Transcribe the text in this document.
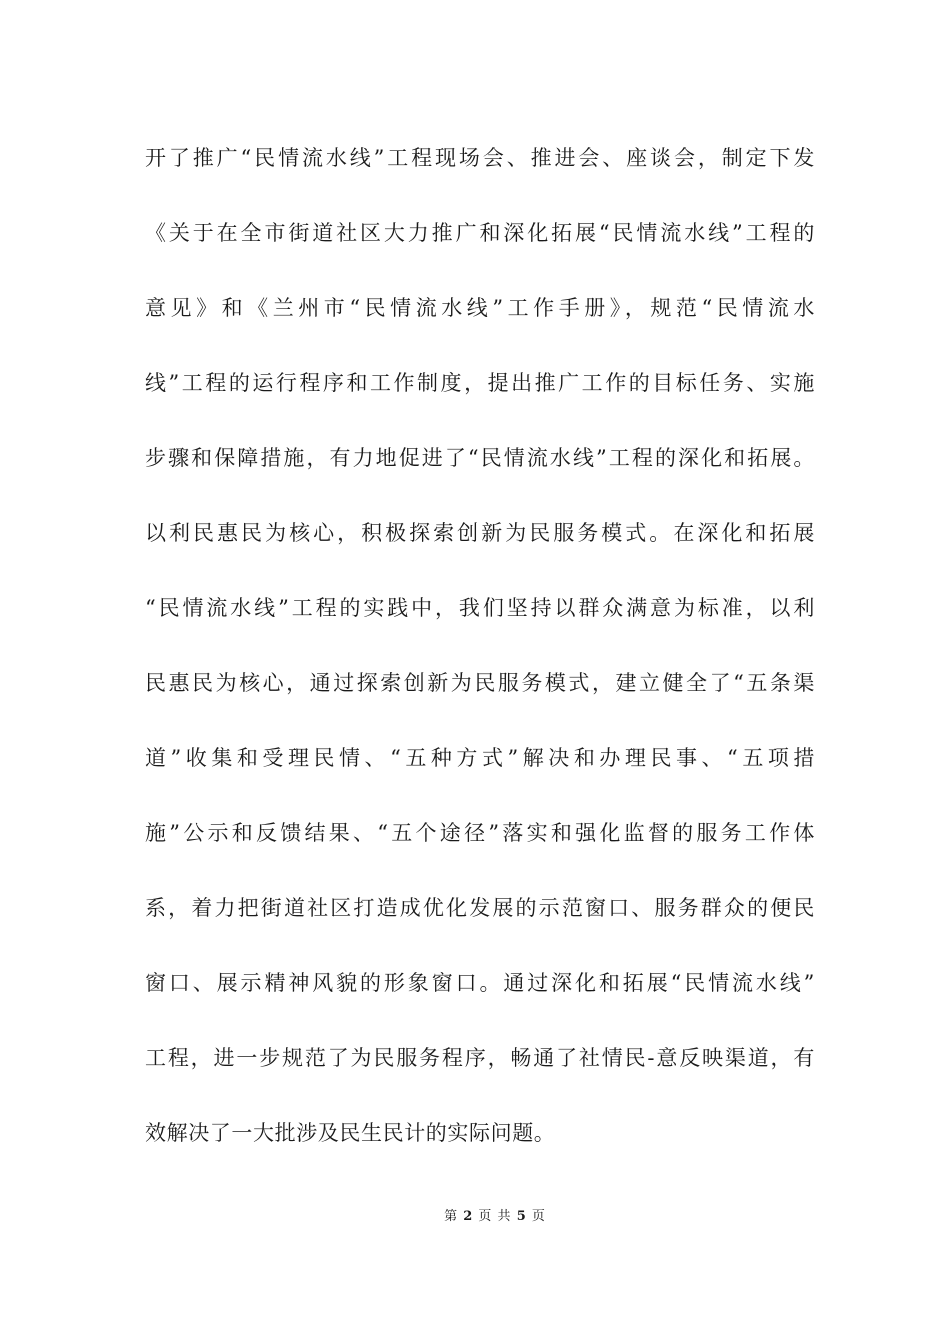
开了推广“民情流水线”工程现场会、推进会、座谈会，制定下发
《关于在全市街道社区大力推广和深化拓展“民情流水线”工程的
意见》和《兰州市“民情流水线”工作手册》，规范“民情流水
线”工程的运行程序和工作制度，提出推广工作的目标任务、实施
步骤和保障措施，有力地促进了“民情流水线”工程的深化和拓展。
以利民惠民为核心，积极探索创新为民服务模式。在深化和拓展
“民情流水线”工程的实践中，我们坚持以群众满意为标准，以利
民惠民为核心，通过探索创新为民服务模式，建立健全了“五条渠
道”收集和受理民情、“五种方式”解决和办理民事、“五项措
施”公示和反馈结果、“五个途径”落实和强化监督的服务工作体
系，着力把街道社区打造成优化发展的示范窗口、服务群众的便民
窗口、展示精神风貌的形象窗口。通过深化和拓展“民情流水线”
工程，进一步规范了为民服务程序，畅通了社情民-意反映渠道，有
效解决了一大批涉及民生民计的实际问题。
第 2 页 共 5 页
